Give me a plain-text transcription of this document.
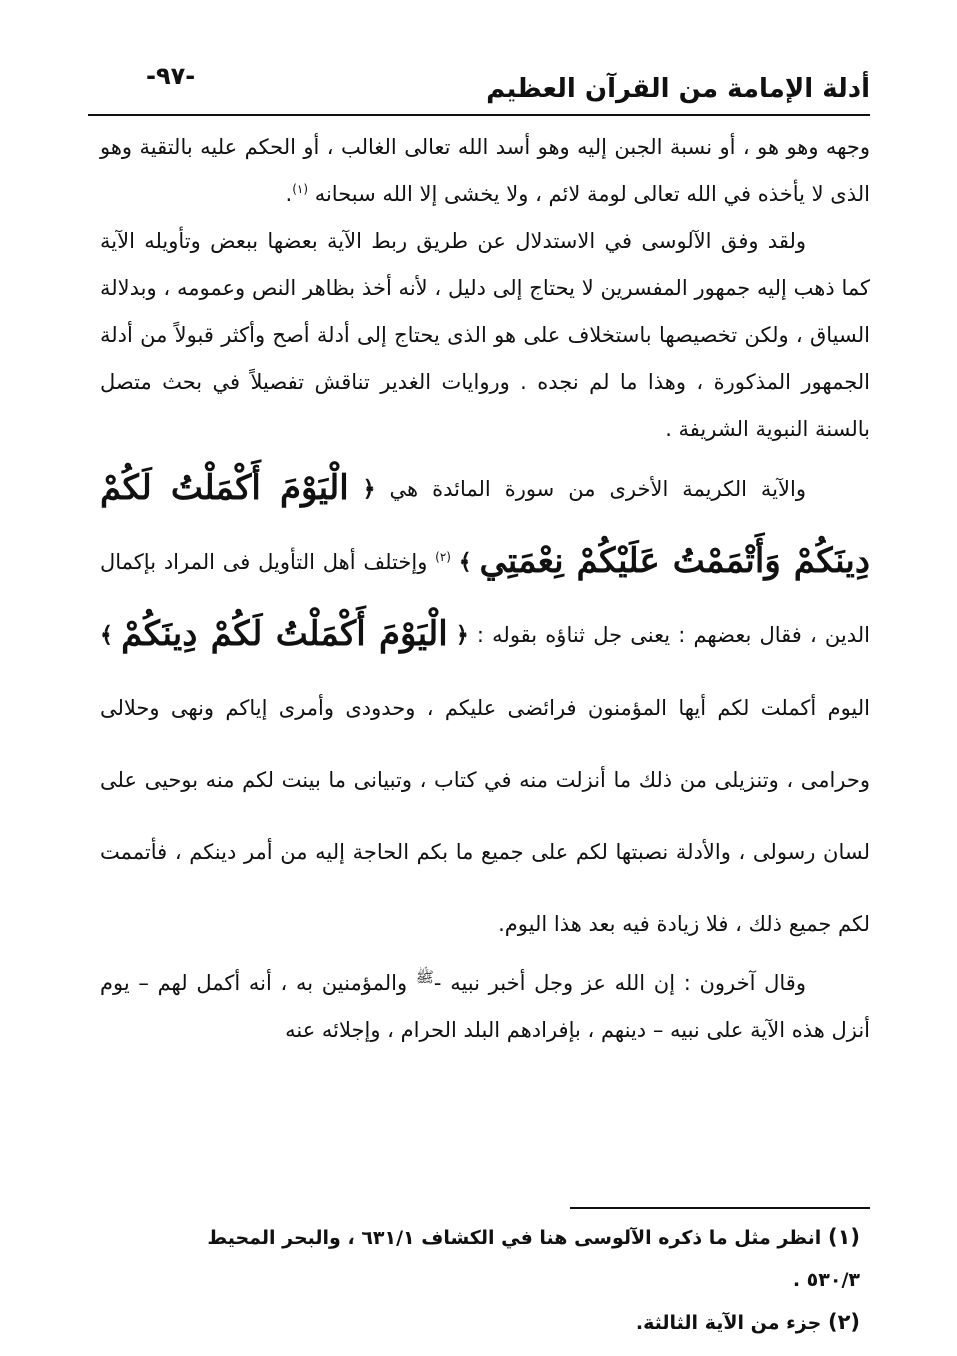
أدلة الإمامة من القرآن العظيم
-٩٧-

وجهه وهو هو ، أو نسبة الجبن إليه وهو أسد الله تعالى الغالب ، أو الحكم عليه بالتقية وهو الذى لا يأخذه في الله تعالى لومة لائم ، ولا يخشى إلا الله سبحانه $^{(١)}$.

ولقد وفق الآلوسى في الاستدلال عن طريق ربط الآية بعضها ببعض وتأويله الآية كما ذهب إليه جمهور المفسرين لا يحتاج إلى دليل ، لأنه أخذ بظاهر النص وعمومه ، وبدلالة السياق ، ولكن تخصيصها باستخلاف على هو الذى يحتاج إلى أدلة أصح وأكثر قبولاً من أدلة الجمهور المذكورة ، وهذا ما لم نجده . وروايات الغدير تناقش تفصيلاً في بحث متصل بالسنة النبوية الشريفة .

والآية الكريمة الأخرى من سورة المائدة هي ﴿ الْيَوْمَ أَكْمَلْتُ لَكُمْ دِينَكُمْ وَأَتْمَمْتُ عَلَيْكُمْ نِعْمَتِي ﴾ $^{(٢)}$ وإختلف أهل التأويل فى المراد بإكمال الدين ، فقال بعضهم : يعنى جل ثناؤه بقوله : ﴿ الْيَوْمَ أَكْمَلْتُ لَكُمْ دِينَكُمْ ﴾ اليوم أكملت لكم أيها المؤمنون فرائضى عليكم ، وحدودى وأمرى إياكم ونهى وحلالى وحرامى ، وتنزيلى من ذلك ما أنزلت منه في كتاب ، وتبيانى ما بينت لكم منه بوحيى على لسان رسولى ، والأدلة نصبتها لكم على جميع ما بكم الحاجة إليه من أمر دينكم ، فأتممت لكم جميع ذلك ، فلا زيادة فيه بعد هذا اليوم.

وقال آخرون : إن الله عز وجل أخبر نبيه -$^ﷺ$ والمؤمنين به ، أنه أكمل لهم – يوم أنزل هذه الآية على نبيه – دينهم ، بإفرادهم البلد الحرام ، وإجلائه عنه

(١) انظر مثل ما ذكره الآلوسى هنا في الكشاف ٦٣١/١ ، والبحر المحيط ٥٣٠/٣ .

(٢) جزء من الآية الثالثة.
